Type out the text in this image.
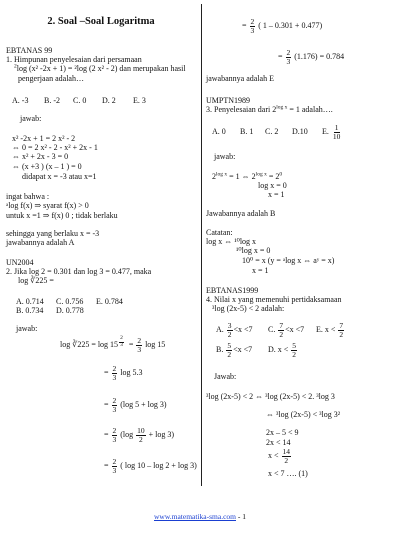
2. Soal –Soal Logaritma
EBTANAS 99
1. Himpunan penyelesaian dari persamaan
$^2$log (x² -2x + 1) = ²log (2 x² - 2) dan merupakan hasil
pengerjaan adalah…
A. -3 B. -2 C. 0 D. 2 E. 3
jawab:
x² -2x + 1 = 2 x² - 2
⇔ 0 = 2 x² - 2 - x² + 2x - 1
⇔ x² + 2x - 3 = 0
⇔ (x +3 ) (x – 1 ) = 0
didapat x = -3 atau x=1
ingat bahwa :
ᵃlog f(x) ⇒ syarat f(x) > 0
untuk x =1 ⇒ f(x) 0 ; tidak berlaku
sehingga yang berlaku x = -3
jawabannya adalah A
UN2004
2. Jika log 2 = 0.301 dan log 3 = 0.477, maka
log ∛225 =
A. 0.714 C. 0.756 E. 0.784
B. 0.734 D. 0.778
jawab:
log ∛225 = log 15 $^{\frac{2}{3}} = \frac{2}{3}$ log 15
= $\frac{2}{3}$ log 5.3
= $\frac{2}{3} (\log$ 5 + log 3)
= $\frac{2}{3} (\log \frac{10}{2} + \log 3)$
= $\frac{2}{3}$ ( log 10 – log 2 + log 3)
= $\frac{2}{3}$ ( 1 – 0.301 + 0.477)
= $\frac{2}{3} (1.176) = 0.784$
jawabannya adalah E
UMPTN1989
3. Penyelesaian dari $2^{log x} = 1$ adalah….
A. 0 B. 1 C. 2 D.10 E. $\frac{1}{10}$
jawab:
$2^{log x} = 1$ ⇔ $2^{log x} = 2^0$
log x = 0
x = 1
Jawabannya adalah B
Catatan:
log x ⇔ ¹⁰log x
¹⁰log x = 0
10⁰ = x (y = ᵃlog x ⇔ aʸ = x)
x = 1
EBTANAS1999
4. Nilai x yang memenuhi pertidaksamaan
³log (2x-5) < 2 adalah:
A. $\frac{3}{2} <x <7$ C. $\frac{7}{2} <x <7$ E. $x < \frac{7}{2}$
B. $\frac{5}{2} <x <7$ D. $x < \frac{5}{2}$
Jawab:
³log (2x-5) < 2 ⇔ ³log (2x-5) < 2. ³log 3
⇔ ³log (2x-5) < ³log 3²
2x – 5 < 9
2x < 14
$x < \frac{14}{2}$
x < 7 …. (1)
www.matematika-sma.com - 1
